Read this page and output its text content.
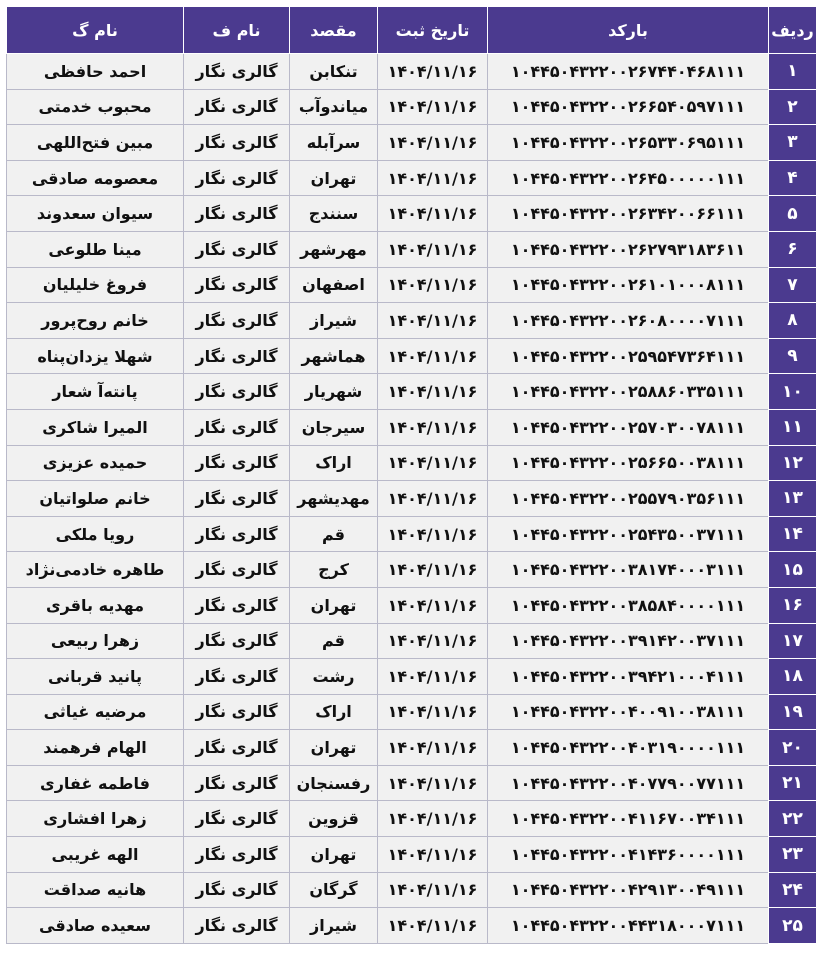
ردیف	بارکد	تاریخ ثبت	مقصد	نام ف	نام گ
۱	۱۰۴۴۵۰۴۳۲۲۰۰۲۶۷۴۴۰۴۶۸۱۱۱	۱۴۰۴/۱۱/۱۶	تنکابن	گالری نگار	احمد حافظی
۲	۱۰۴۴۵۰۴۳۲۲۰۰۲۶۶۵۴۰۵۹۷۱۱۱	۱۴۰۴/۱۱/۱۶	میاندوآب	گالری نگار	محبوب خدمتی
۳	۱۰۴۴۵۰۴۳۲۲۰۰۲۶۵۳۳۰۶۹۵۱۱۱	۱۴۰۴/۱۱/۱۶	سرآبله	گالری نگار	مبین فتح‌اللهی
۴	۱۰۴۴۵۰۴۳۲۲۰۰۲۶۴۵۰۰۰۰۰۱۱۱	۱۴۰۴/۱۱/۱۶	تهران	گالری نگار	معصومه صادقی
۵	۱۰۴۴۵۰۴۳۲۲۰۰۲۶۳۴۲۰۰۶۶۱۱۱	۱۴۰۴/۱۱/۱۶	سنندج	گالری نگار	سیوان سعدوند
۶	۱۰۴۴۵۰۴۳۲۲۰۰۲۶۲۷۹۳۱۸۳۶۱۱	۱۴۰۴/۱۱/۱۶	مهرشهر	گالری نگار	مینا طلوعی
۷	۱۰۴۴۵۰۴۳۲۲۰۰۲۶۱۰۱۰۰۰۸۱۱۱	۱۴۰۴/۱۱/۱۶	اصفهان	گالری نگار	فروغ خلیلیان
۸	۱۰۴۴۵۰۴۳۲۲۰۰۲۶۰۸۰۰۰۰۷۱۱۱	۱۴۰۴/۱۱/۱۶	شیراز	گالری نگار	خانم روح‌پرور
۹	۱۰۴۴۵۰۴۳۲۲۰۰۲۵۹۵۴۷۳۶۴۱۱۱	۱۴۰۴/۱۱/۱۶	هماشهر	گالری نگار	شهلا یزدان‌پناه
۱۰	۱۰۴۴۵۰۴۳۲۲۰۰۲۵۸۸۶۰۳۳۵۱۱۱	۱۴۰۴/۱۱/۱۶	شهریار	گالری نگار	پانته‌آ شعار
۱۱	۱۰۴۴۵۰۴۳۲۲۰۰۲۵۷۰۳۰۰۷۸۱۱۱	۱۴۰۴/۱۱/۱۶	سیرجان	گالری نگار	المیرا شاکری
۱۲	۱۰۴۴۵۰۴۳۲۲۰۰۲۵۶۶۵۰۰۳۸۱۱۱	۱۴۰۴/۱۱/۱۶	اراک	گالری نگار	حمیده عزیزی
۱۳	۱۰۴۴۵۰۴۳۲۲۰۰۲۵۵۷۹۰۳۵۶۱۱۱	۱۴۰۴/۱۱/۱۶	مهدیشهر	گالری نگار	خانم صلواتیان
۱۴	۱۰۴۴۵۰۴۳۲۲۰۰۲۵۴۳۵۰۰۳۷۱۱۱	۱۴۰۴/۱۱/۱۶	قم	گالری نگار	رویا ملکی
۱۵	۱۰۴۴۵۰۴۳۲۲۰۰۳۸۱۷۴۰۰۰۳۱۱۱	۱۴۰۴/۱۱/۱۶	کرج	گالری نگار	طاهره خادمی‌نژاد
۱۶	۱۰۴۴۵۰۴۳۲۲۰۰۳۸۵۸۴۰۰۰۰۱۱۱	۱۴۰۴/۱۱/۱۶	تهران	گالری نگار	مهدیه باقری
۱۷	۱۰۴۴۵۰۴۳۲۲۰۰۳۹۱۴۲۰۰۳۷۱۱۱	۱۴۰۴/۱۱/۱۶	قم	گالری نگار	زهرا ربیعی
۱۸	۱۰۴۴۵۰۴۳۲۲۰۰۳۹۴۲۱۰۰۰۴۱۱۱	۱۴۰۴/۱۱/۱۶	رشت	گالری نگار	پانید قربانی
۱۹	۱۰۴۴۵۰۴۳۲۲۰۰۴۰۰۹۱۰۰۳۸۱۱۱	۱۴۰۴/۱۱/۱۶	اراک	گالری نگار	مرضیه غیاثی
۲۰	۱۰۴۴۵۰۴۳۲۲۰۰۴۰۳۱۹۰۰۰۰۱۱۱	۱۴۰۴/۱۱/۱۶	تهران	گالری نگار	الهام فرهمند
۲۱	۱۰۴۴۵۰۴۳۲۲۰۰۴۰۷۷۹۰۰۷۷۱۱۱	۱۴۰۴/۱۱/۱۶	رفسنجان	گالری نگار	فاطمه غفاری
۲۲	۱۰۴۴۵۰۴۳۲۲۰۰۴۱۱۶۷۰۰۳۴۱۱۱	۱۴۰۴/۱۱/۱۶	قزوین	گالری نگار	زهرا افشاری
۲۳	۱۰۴۴۵۰۴۳۲۲۰۰۴۱۴۳۶۰۰۰۰۱۱۱	۱۴۰۴/۱۱/۱۶	تهران	گالری نگار	الهه غریبی
۲۴	۱۰۴۴۵۰۴۳۲۲۰۰۴۲۹۱۳۰۰۴۹۱۱۱	۱۴۰۴/۱۱/۱۶	گرگان	گالری نگار	هانیه صداقت
۲۵	۱۰۴۴۵۰۴۳۲۲۰۰۴۴۳۱۸۰۰۰۷۱۱۱	۱۴۰۴/۱۱/۱۶	شیراز	گالری نگار	سعیده صادقی
